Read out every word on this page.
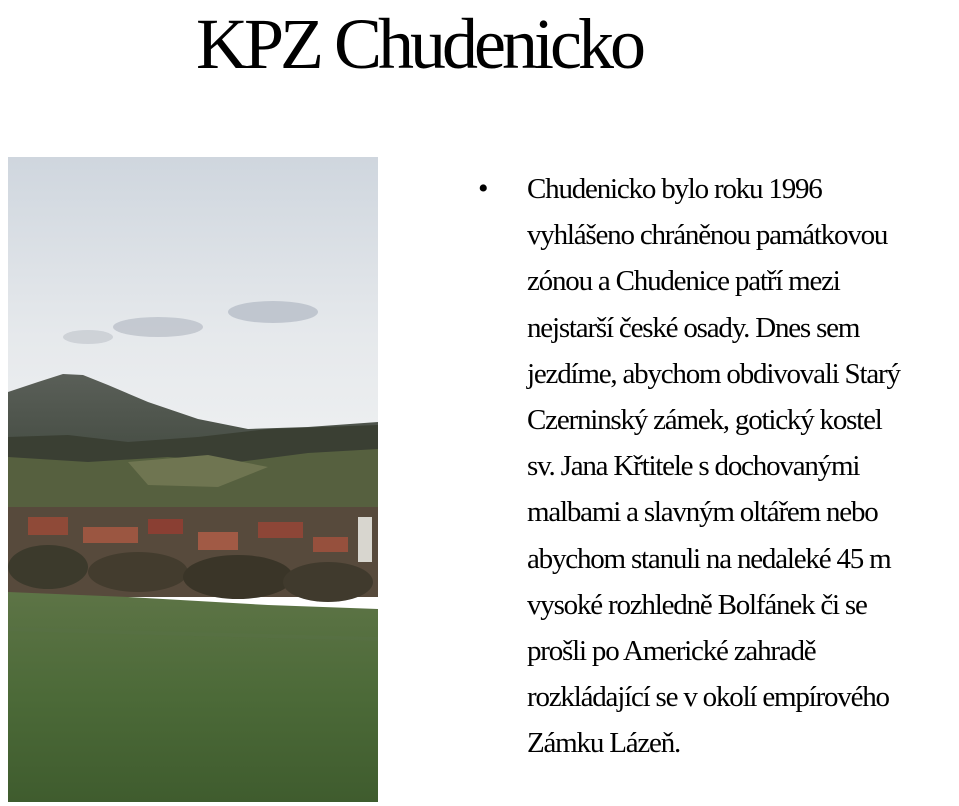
KPZ Chudenicko
• Chudenicko bylo roku 1996
vyhlášeno chráněnou památkovou
zónou a Chudenice patří mezi
nejstarší české osady. Dnes sem
jezdíme, abychom obdivovali Starý
Czerninský zámek, gotický kostel
sv. Jana Křtitele s dochovanými
malbami a slavným oltářem nebo
abychom stanuli na nedaleké 45 m
vysoké rozhledně Bolfánek či se
prošli po Americké zahradě
rozkládající se v okolí empírového
Zámku Lázeň.
